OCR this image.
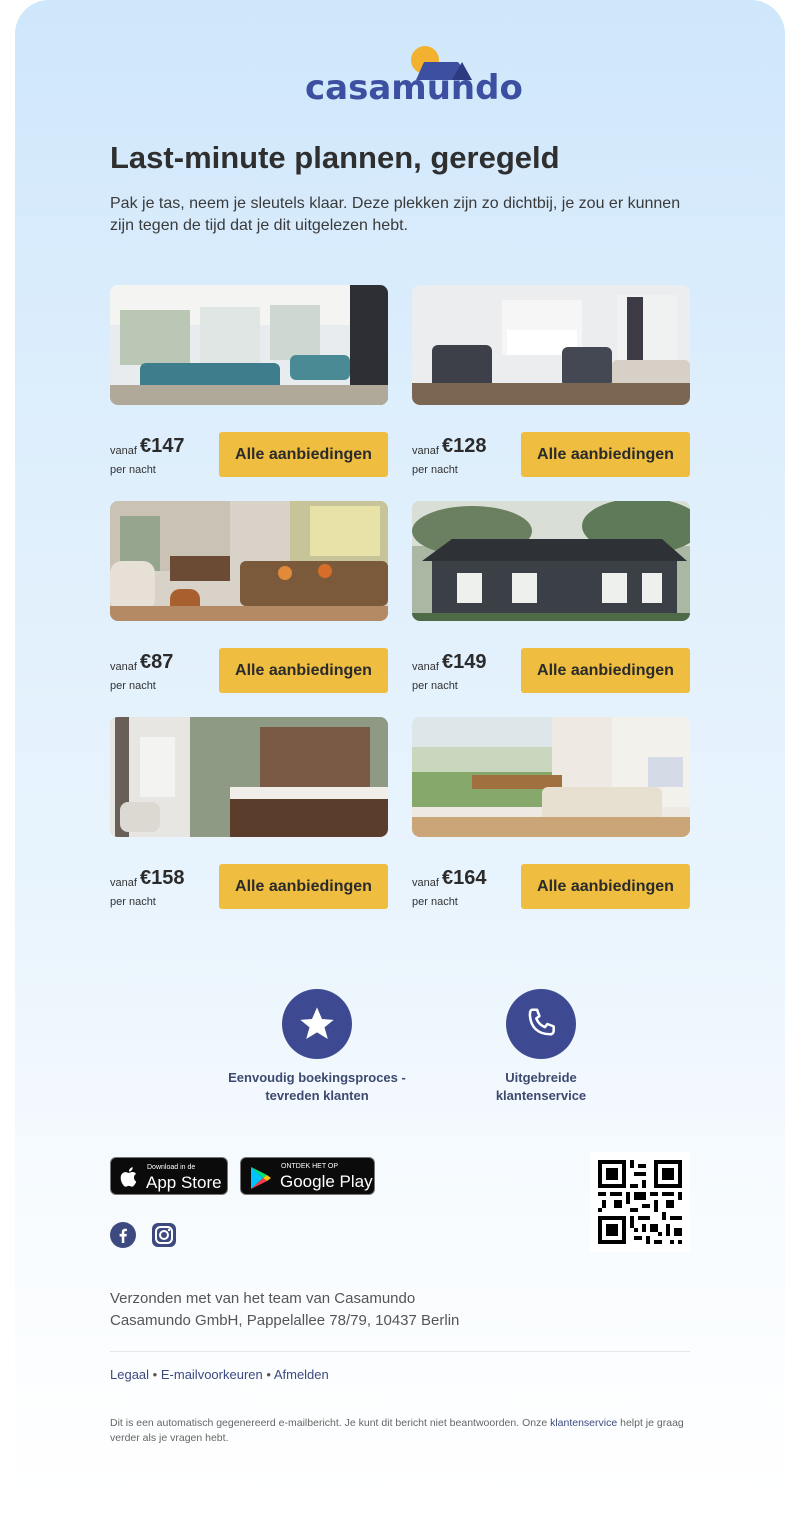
casamundo
Last-minute plannen, geregeld

Pak je tas, neem je sleutels klaar. Deze plekken zijn zo dichtbij, je zou er kunnen zijn tegen de tijd dat je dit uitgelezen hebt.

vanaf €147
per nacht
Alle aanbiedingen	vanaf €128
per nacht
Alle aanbiedingen
vanaf €87
per nacht
Alle aanbiedingen	vanaf €149
per nacht
Alle aanbiedingen
vanaf €158
per nacht
Alle aanbiedingen	vanaf €164
per nacht
Alle aanbiedingen
Eenvoudig boekingsproces - tevreden klanten
Uitgebreide klantenservice
Download in de
App Store
ONTDEK HET OP
Google Play

Verzonden met van het team van Casamundo
Casamundo GmbH, Pappelallee 78/79, 10437 Berlin

Legaal • E-mailvoorkeuren • Afmelden

Dit is een automatisch gegenereerd e-mailbericht. Je kunt dit bericht niet beantwoorden. Onze klantenservice helpt je graag verder als je vragen hebt.
